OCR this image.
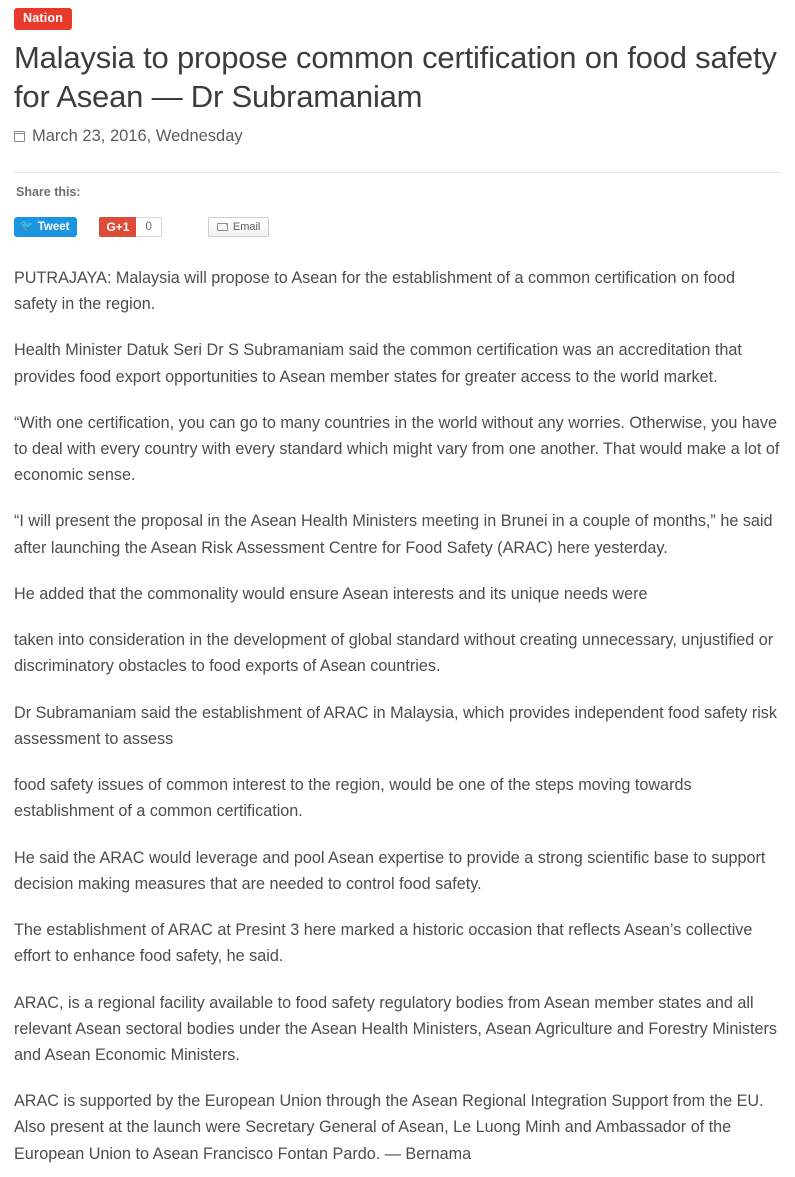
Nation
Malaysia to propose common certification on food safety for Asean — Dr Subramaniam
March 23, 2016, Wednesday
Share this:
🐦 Tweet	G+1	0	Email

PUTRAJAYA: Malaysia will propose to Asean for the establishment of a common certification on food safety in the region.

Health Minister Datuk Seri Dr S Subramaniam said the common certification was an accreditation that provides food export opportunities to Asean member states for greater access to the world market.

“With one certification, you can go to many countries in the world without any worries. Otherwise, you have to deal with every country with every standard which might vary from one another. That would make a lot of economic sense.

“I will present the proposal in the Asean Health Ministers meeting in Brunei in a couple of months,” he said after launching the Asean Risk Assessment Centre for Food Safety (ARAC) here yesterday.

He added that the commonality would ensure Asean interests and its unique needs were

taken into consideration in the development of global standard without creating unnecessary, unjustified or discriminatory obstacles to food exports of Asean countries.

Dr Subramaniam said the establishment of ARAC in Malaysia, which provides independent food safety risk assessment to assess

food safety issues of common interest to the region, would be one of the steps moving towards establishment of a common certification.

He said the ARAC would leverage and pool Asean expertise to provide a strong scientific base to support decision making measures that are needed to control food safety.

The establishment of ARAC at Presint 3 here marked a historic occasion that reflects Asean’s collective effort to enhance food safety, he said.

ARAC, is a regional facility available to food safety regulatory bodies from Asean member states and all relevant Asean sectoral bodies under the Asean Health Ministers, Asean Agriculture and Forestry Ministers and Asean Economic Ministers.

ARAC is supported by the European Union through the Asean Regional Integration Support from the EU. Also present at the launch were Secretary General of Asean, Le Luong Minh and Ambassador of the European Union to Asean Francisco Fontan Pardo. — Bernama
